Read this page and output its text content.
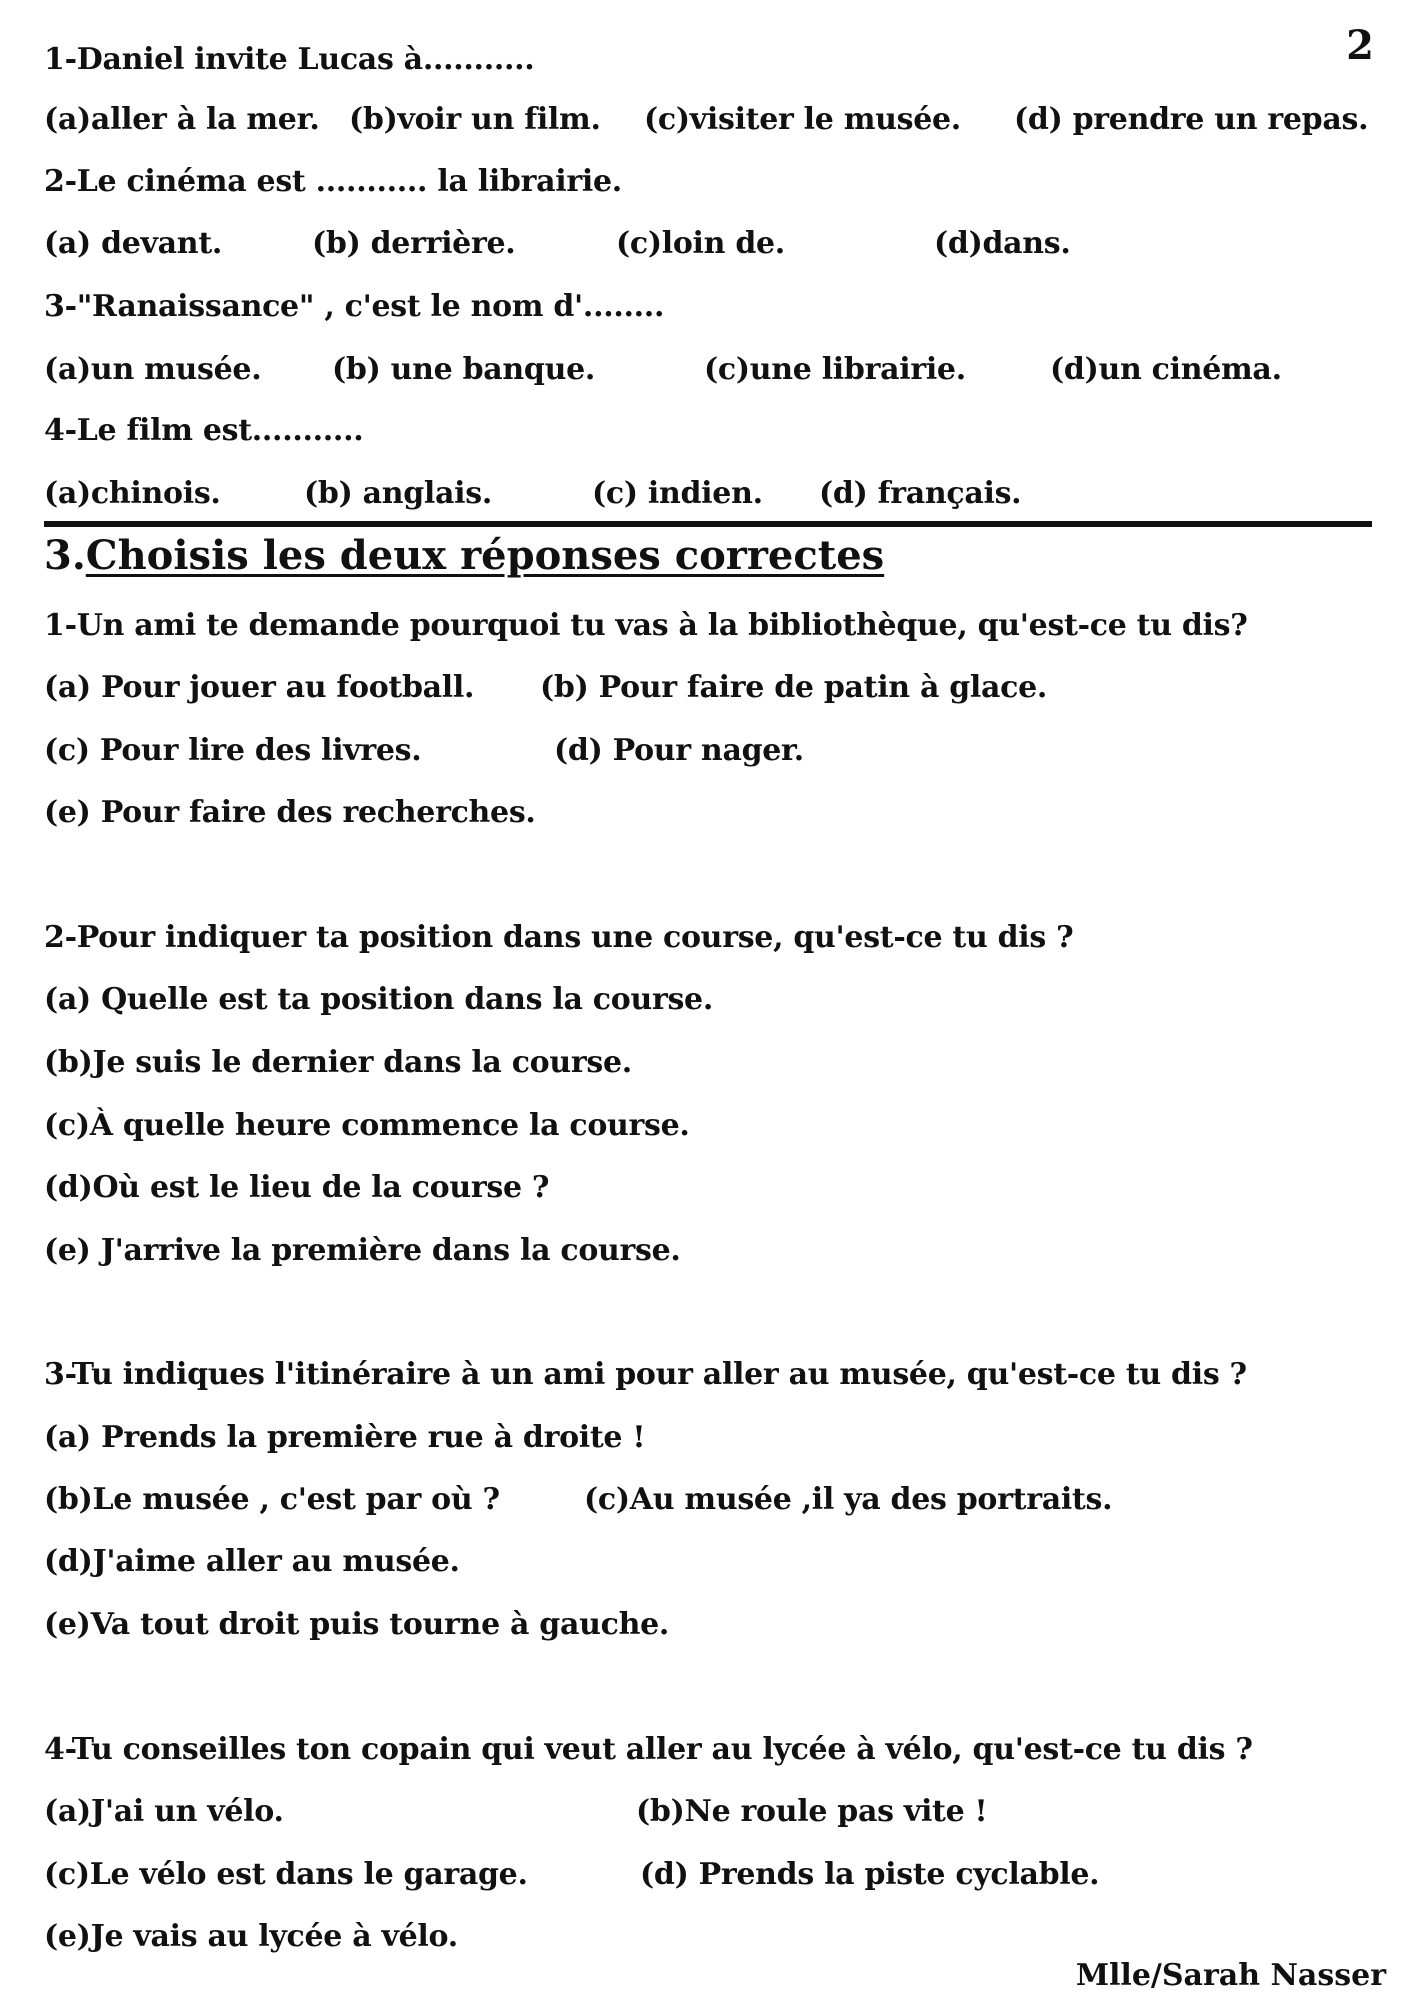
2
1-Daniel invite Lucas à...........
(a)aller à la mer. (b)voir un film. (c)visiter le musée. (d) prendre un repas.
2-Le cinéma est ........... la librairie.
(a) devant.	(b) derrière.	(c)loin de.	(d)dans.
3-"Ranaissance" , c'est le nom d'........
(a)un musée. (b) une banque.	(c)une librairie.	(d)un cinéma.
4-Le film est...........
(a)chinois.	(b) anglais.	(c) indien. (d) français.
3.Choisis les deux réponses correctes
1-Un ami te demande pourquoi tu vas à la bibliothèque, qu'est-ce tu dis?
(a) Pour jouer au football. (b) Pour faire de patin à glace.
(c) Pour lire des livres.	(d) Pour nager.
(e) Pour faire des recherches.
2-Pour indiquer ta position dans une course, qu'est-ce tu dis ?
(a) Quelle est ta position dans la course.
(b)Je suis le dernier dans la course.
(c)À quelle heure commence la course.
(d)Où est le lieu de la course ?
(e) J'arrive la première dans la course.
3-Tu indiques l'itinéraire à un ami pour aller au musée, qu'est-ce tu dis ?
(a) Prends la première rue à droite !
(b)Le musée , c'est par où ?	(c)Au musée ,il ya des portraits.
(d)J'aime aller au musée.
(e)Va tout droit puis tourne à gauche.
4-Tu conseilles ton copain qui veut aller au lycée à vélo, qu'est-ce tu dis ?
(a)J'ai un vélo.	(b)Ne roule pas vite !
(c)Le vélo est dans le garage.	(d) Prends la piste cyclable.
(e)Je vais au lycée à vélo.
Mlle/Sarah Nasser
